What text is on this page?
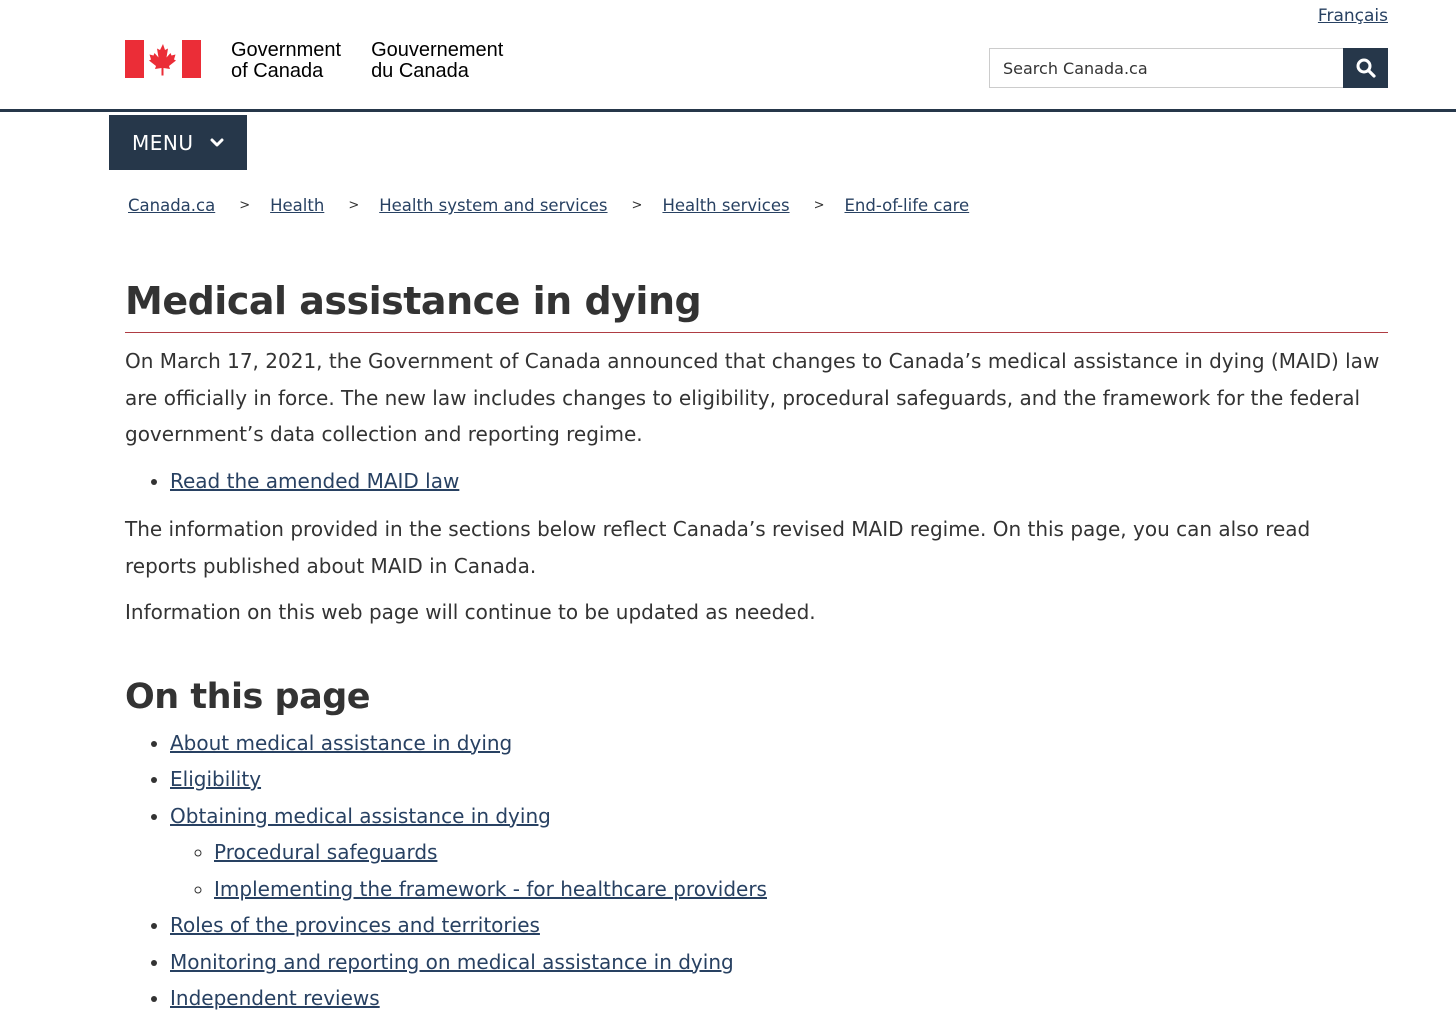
Français
Government
of Canada
Gouvernement
du Canada
Search Canada.ca
MENU
Canada.ca > Health > Health system and services > Health services > End-of-life care
Medical assistance in dying

On March 17, 2021, the Government of Canada announced that changes to Canada’s medical assistance in dying (MAID) law are officially in force. The new law includes changes to eligibility, procedural safeguards, and the framework for the federal government’s data collection and reporting regime.

• Read the amended MAID law

The information provided in the sections below reflect Canada’s revised MAID regime. On this page, you can also read reports published about MAID in Canada.

Information on this web page will continue to be updated as needed.

On this page
• About medical assistance in dying
• Eligibility
• Obtaining medical assistance in dying
◦ Procedural safeguards
◦ Implementing the framework - for healthcare providers
• Roles of the provinces and territories
• Monitoring and reporting on medical assistance in dying
• Independent reviews
